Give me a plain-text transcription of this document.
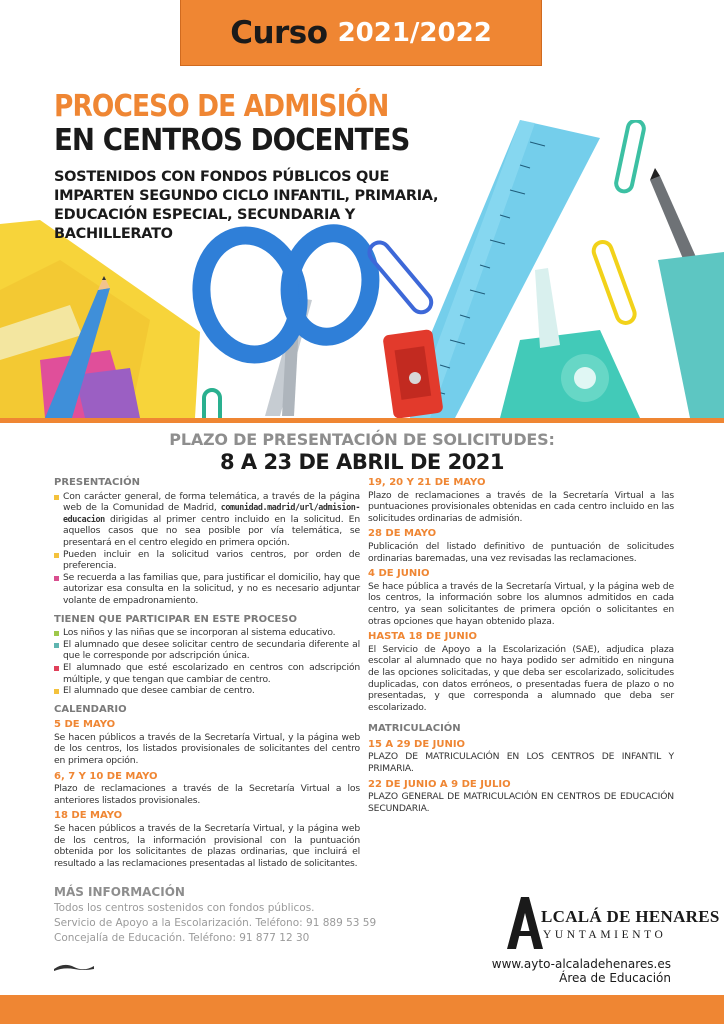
Curso 2021/2022
PROCESO DE ADMISIÓN
EN CENTROS DOCENTES
SOSTENIDOS CON FONDOS PÚBLICOS QUE IMPARTEN SEGUNDO CICLO INFANTIL, PRIMARIA, EDUCACIÓN ESPECIAL, SECUNDARIA Y BACHILLERATO
PLAZO DE PRESENTACIÓN DE SOLICITUDES:
8 A 23 DE ABRIL DE 2021
PRESENTACIÓN
Con carácter general, de forma telemática, a través de la página web de la Comunidad de Madrid, comunidad.madrid/url/admision-educacion dirigidas al primer centro incluido en la solicitud. En aquellos casos que no sea posible por vía telemática, se presentará en el centro elegido en primera opción.
Pueden incluir en la solicitud varios centros, por orden de preferencia.
Se recuerda a las familias que, para justificar el domicilio, hay que autorizar esa consulta en la solicitud, y no es necesario adjuntar volante de empadronamiento.
TIENEN QUE PARTICIPAR EN ESTE PROCESO
Los niños y las niñas que se incorporan al sistema educativo.
El alumnado que desee solicitar centro de secundaria diferente al que le corresponde por adscripción única.
El alumnado que esté escolarizado en centros con adscripción múltiple, y que tengan que cambiar de centro.
El alumnado que desee cambiar de centro.
CALENDARIO
5 DE MAYO
Se hacen públicos a través de la Secretaría Virtual, y la página web de los centros, los listados provisionales de solicitantes del centro en primera opción.
6, 7 Y 10 DE MAYO
Plazo de reclamaciones a través de la Secretaría Virtual a los anteriores listados provisionales.
18 DE MAYO
Se hacen públicos a través de la Secretaría Virtual, y la página web de los centros, la información provisional con la puntuación obtenida por los solicitantes de plazas ordinarias, que incluirá el resultado a las reclamaciones presentadas al listado de solicitantes.
19, 20 Y 21 DE MAYO
Plazo de reclamaciones a través de la Secretaría Virtual a las puntuaciones provisionales obtenidas en cada centro incluido en las solicitudes ordinarias de admisión.
28 DE MAYO
Publicación del listado definitivo de puntuación de solicitudes ordinarias baremadas, una vez revisadas las reclamaciones.
4 DE JUNIO
Se hace pública a través de la Secretaría Virtual, y la página web de los centros, la información sobre los alumnos admitidos en cada centro, ya sean solicitantes de primera opción o solicitantes en otras opciones que hayan obtenido plaza.
HASTA 18 DE JUNIO
El Servicio de Apoyo a la Escolarización (SAE), adjudica plaza escolar al alumnado que no haya podido ser admitido en ninguna de las opciones solicitadas, y que deba ser escolarizado, solicitudes duplicadas, con datos erróneos, o presentadas fuera de plazo o no presentadas, y que corresponda a alumnado que deba ser escolarizado.
MATRICULACIÓN
15 A 29 DE JUNIO
PLAZO DE MATRICULACIÓN EN LOS CENTROS DE INFANTIL Y PRIMARIA.
22 DE JUNIO A 9 DE JULIO
PLAZO GENERAL DE MATRICULACIÓN EN CENTROS DE EDUCACIÓN SECUNDARIA.
MÁS INFORMACIÓN
Todos los centros sostenidos con fondos públicos.
Servicio de Apoyo a la Escolarización. Teléfono: 91 889 53 59
Concejalía de Educación. Teléfono: 91 877 12 30
LCALÁ DE HENARES
YUNTAMIENTO
www.ayto-alcaladehenares.es
Área de Educación
